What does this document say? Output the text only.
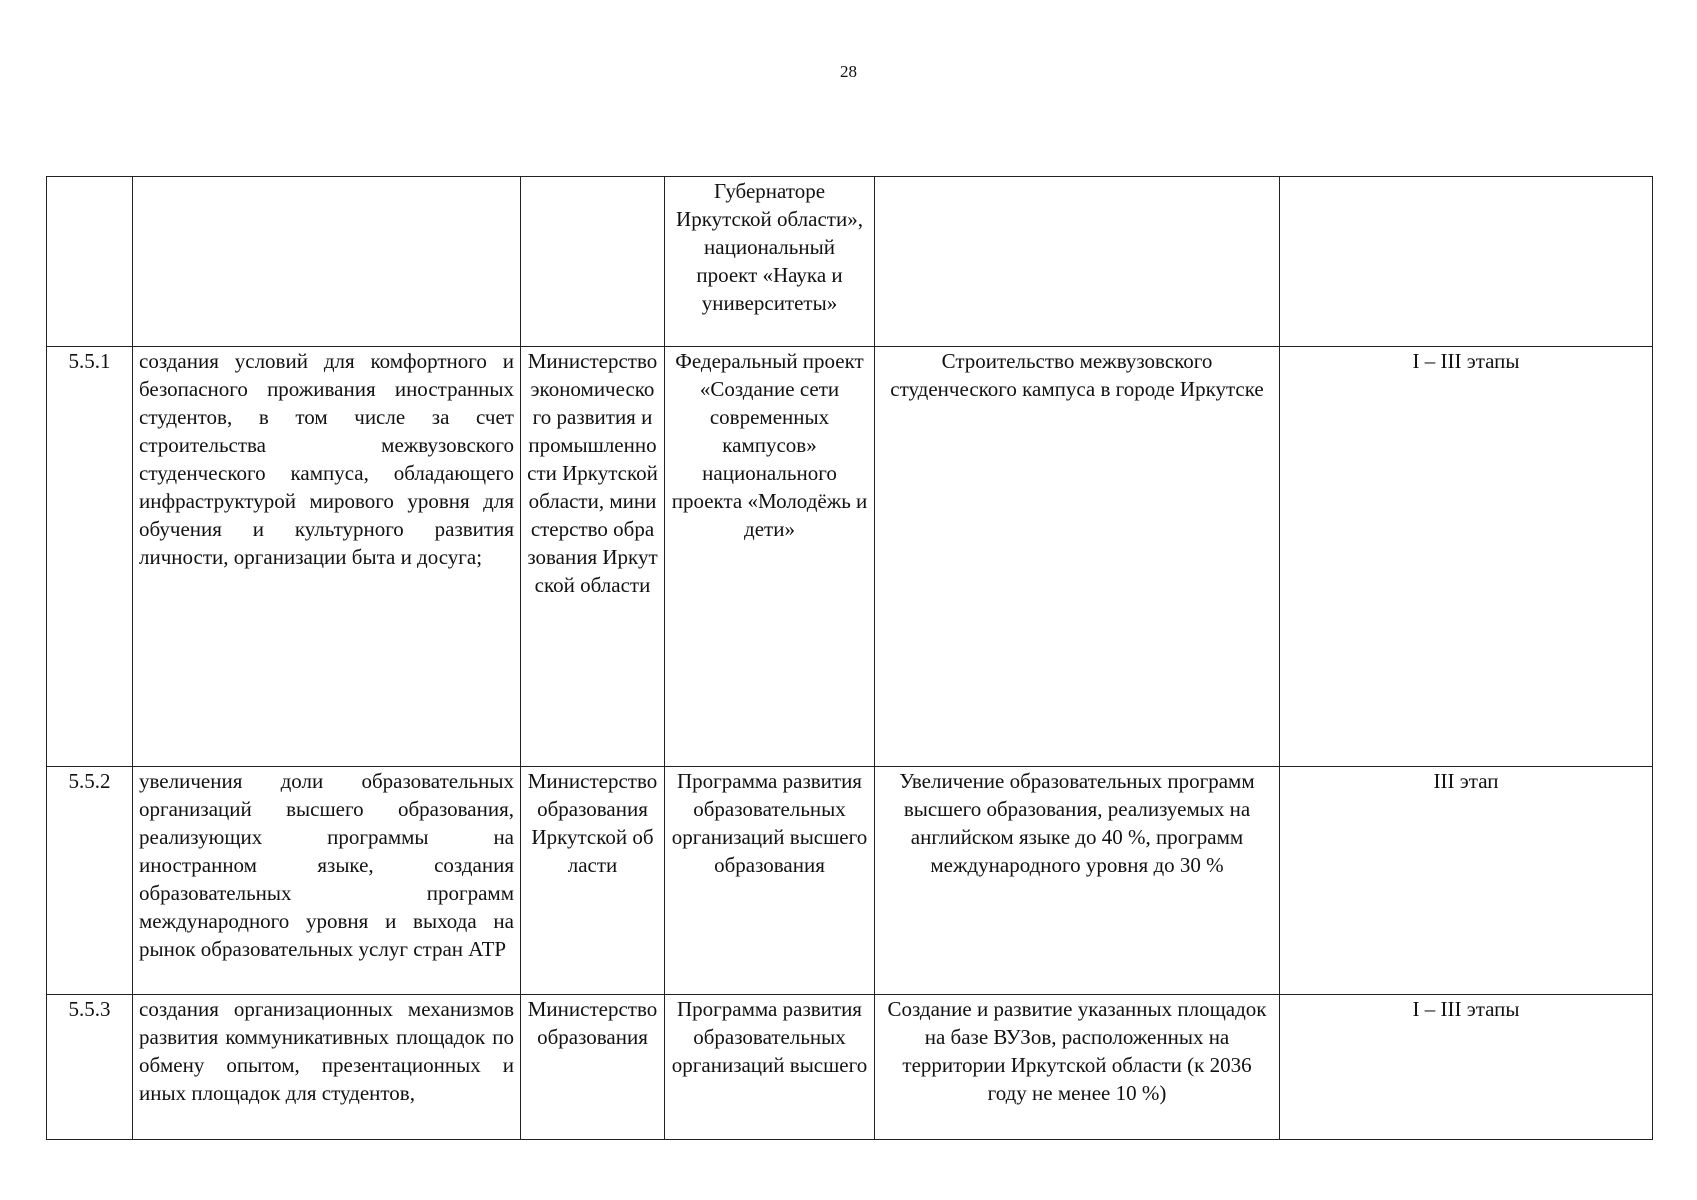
28
			Губернаторе Иркутской области», национальный проект «Наука и университеты»		
5.5.1	создания условий для комфортного и безопасного проживания иностранных студентов, в том числе за счет строительства межвузовского студенческого кампуса, обладающего инфраструктурой мирового уровня для обучения и культурного развития личности, организации быта и досуга;	Министерство экономического развития и промышленности Иркутской области, министерство образования Иркутской области	Федеральный проект «Создание сети современных кампусов» национального проекта «Молодёжь и дети»	Строительство межвузовского студенческого кампуса в городе Иркутске	I – III этапы
5.5.2	увеличения доли образовательных организаций высшего образования, реализующих программы на иностранном языке, создания образовательных программ международного уровня и выхода на рынок образовательных услуг стран АТР	Министерство образования Иркутской области	Программа развития образовательных организаций высшего образования	Увеличение образовательных программ высшего образования, реализуемых на английском языке до 40 %, программ международного уровня до 30 %	III этап
5.5.3	создания организационных механизмов развития коммуникативных площадок по обмену опытом, презентационных и иных площадок для студентов,	Министерство образования	Программа развития образовательных организаций высшего	Создание и развитие указанных площадок на базе ВУЗов, расположенных на территории Иркутской области (к 2036 году не менее 10 %)	I – III этапы
